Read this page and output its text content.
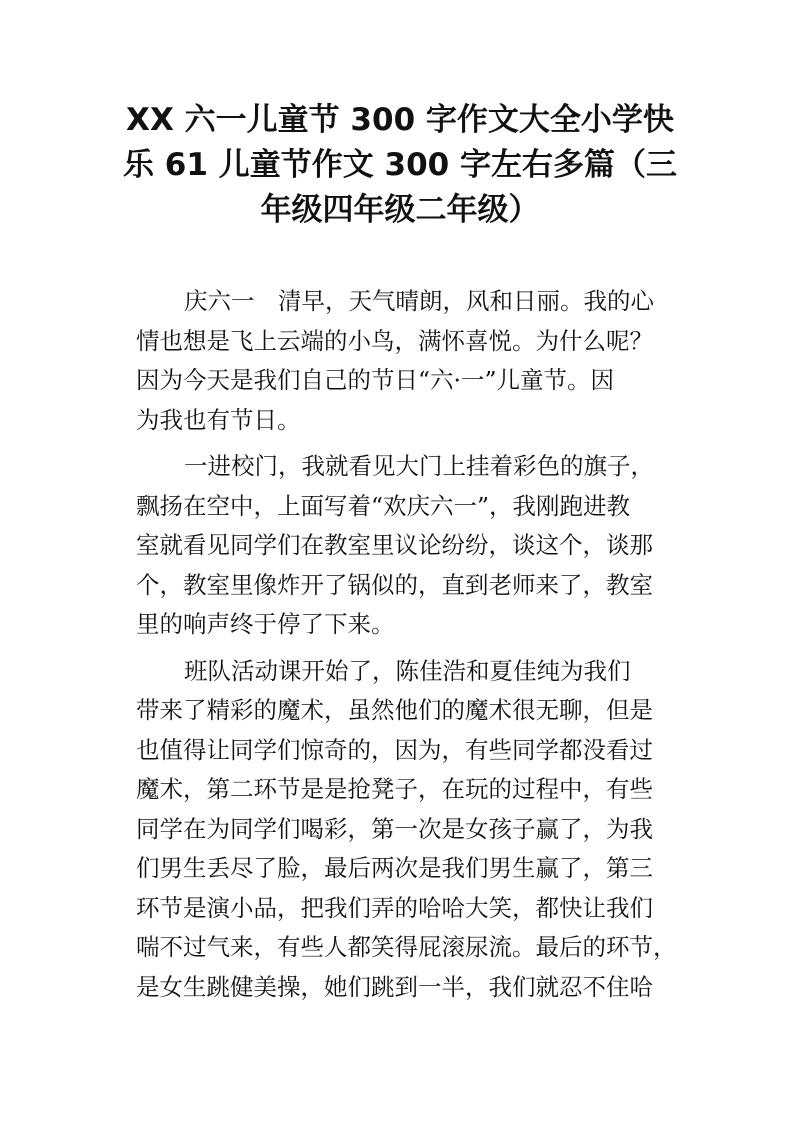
XX 六一儿童节 300 字作文大全小学快
乐 61 儿童节作文 300 字左右多篇（三
年级四年级二年级）
庆六一　清早，天气晴朗，风和日丽。我的心
情也想是飞上云端的小鸟，满怀喜悦。为什么呢？
因为今天是我们自己的节日“六·一”儿童节。因
为我也有节日。
一进校门，我就看见大门上挂着彩色的旗子，
飘扬在空中，上面写着“欢庆六一”，我刚跑进教
室就看见同学们在教室里议论纷纷，谈这个，谈那
个，教室里像炸开了锅似的，直到老师来了，教室
里的响声终于停了下来。
班队活动课开始了，陈佳浩和夏佳纯为我们
带来了精彩的魔术，虽然他们的魔术很无聊，但是
也值得让同学们惊奇的，因为，有些同学都没看过
魔术，第二环节是是抢凳子，在玩的过程中，有些
同学在为同学们喝彩，第一次是女孩子赢了，为我
们男生丢尽了脸，最后两次是我们男生赢了，第三
环节是演小品，把我们弄的哈哈大笑，都快让我们
喘不过气来，有些人都笑得屁滚尿流。最后的环节，
是女生跳健美操，她们跳到一半，我们就忍不住哈
